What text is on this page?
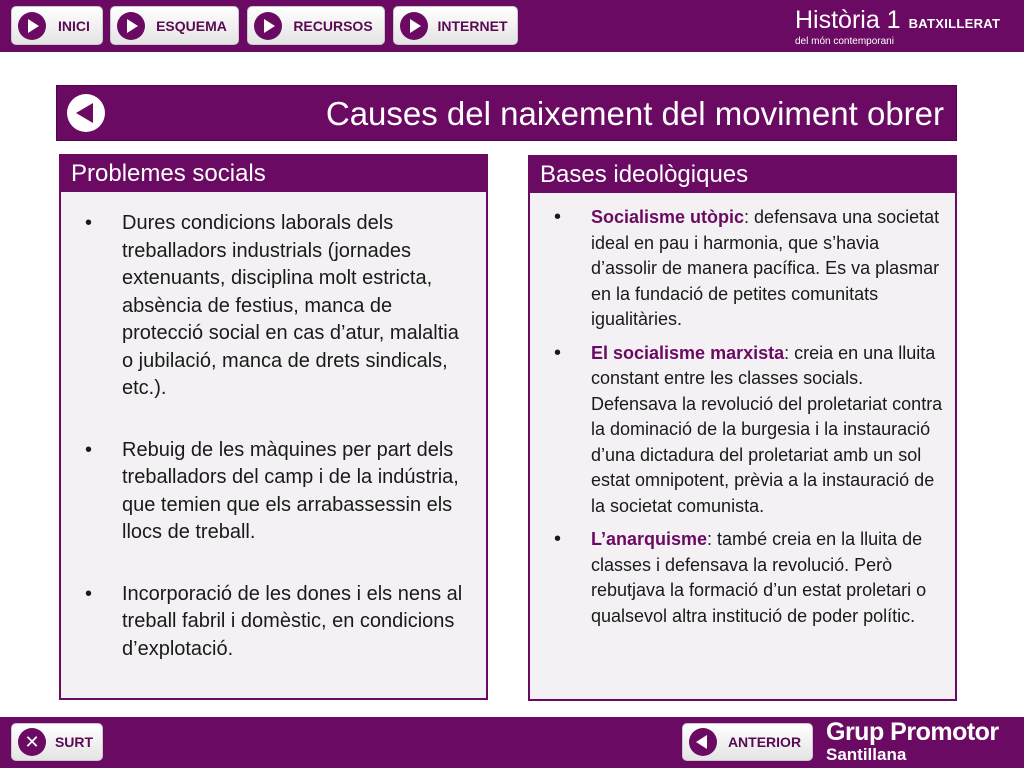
INICI	ESQUEMA	RECURSOS	INTERNET	Història 1 BATXILLERAT
del món contemporani
Causes del naixement del moviment obrer
Problemes socials
• Dures condicions laborals dels treballadors industrials (jornades extenuants, disciplina molt estricta, absència de festius, manca de protecció social en cas d’atur, malaltia o jubilació, manca de drets sindicals, etc.).
• Rebuig de les màquines per part dels treballadors del camp i de la indústria, que temien que els arrabassessin els llocs de treball.
• Incorporació de les dones i els nens al treball fabril i domèstic, en condicions d’explotació.
Bases ideològiques
• Socialisme utòpic: defensava una societat ideal en pau i harmonia, que s’havia d’assolir de manera pacífica. Es va plasmar en la fundació de petites comunitats igualitàries.
• El socialisme marxista: creia en una lluita constant entre les classes socials. Defensava la revolució del proletariat contra la dominació de la burgesia i la instauració d’una dictadura del proletariat amb un sol estat omnipotent, prèvia a la instauració de la societat comunista.
• L’anarquisme: també creia en la lluita de classes i defensava la revolució. Però rebutjava la formació d’un estat proletari o qualsevol altra institució de poder polític.
✕	SURT	ANTERIOR Grup Promotor
Santillana
